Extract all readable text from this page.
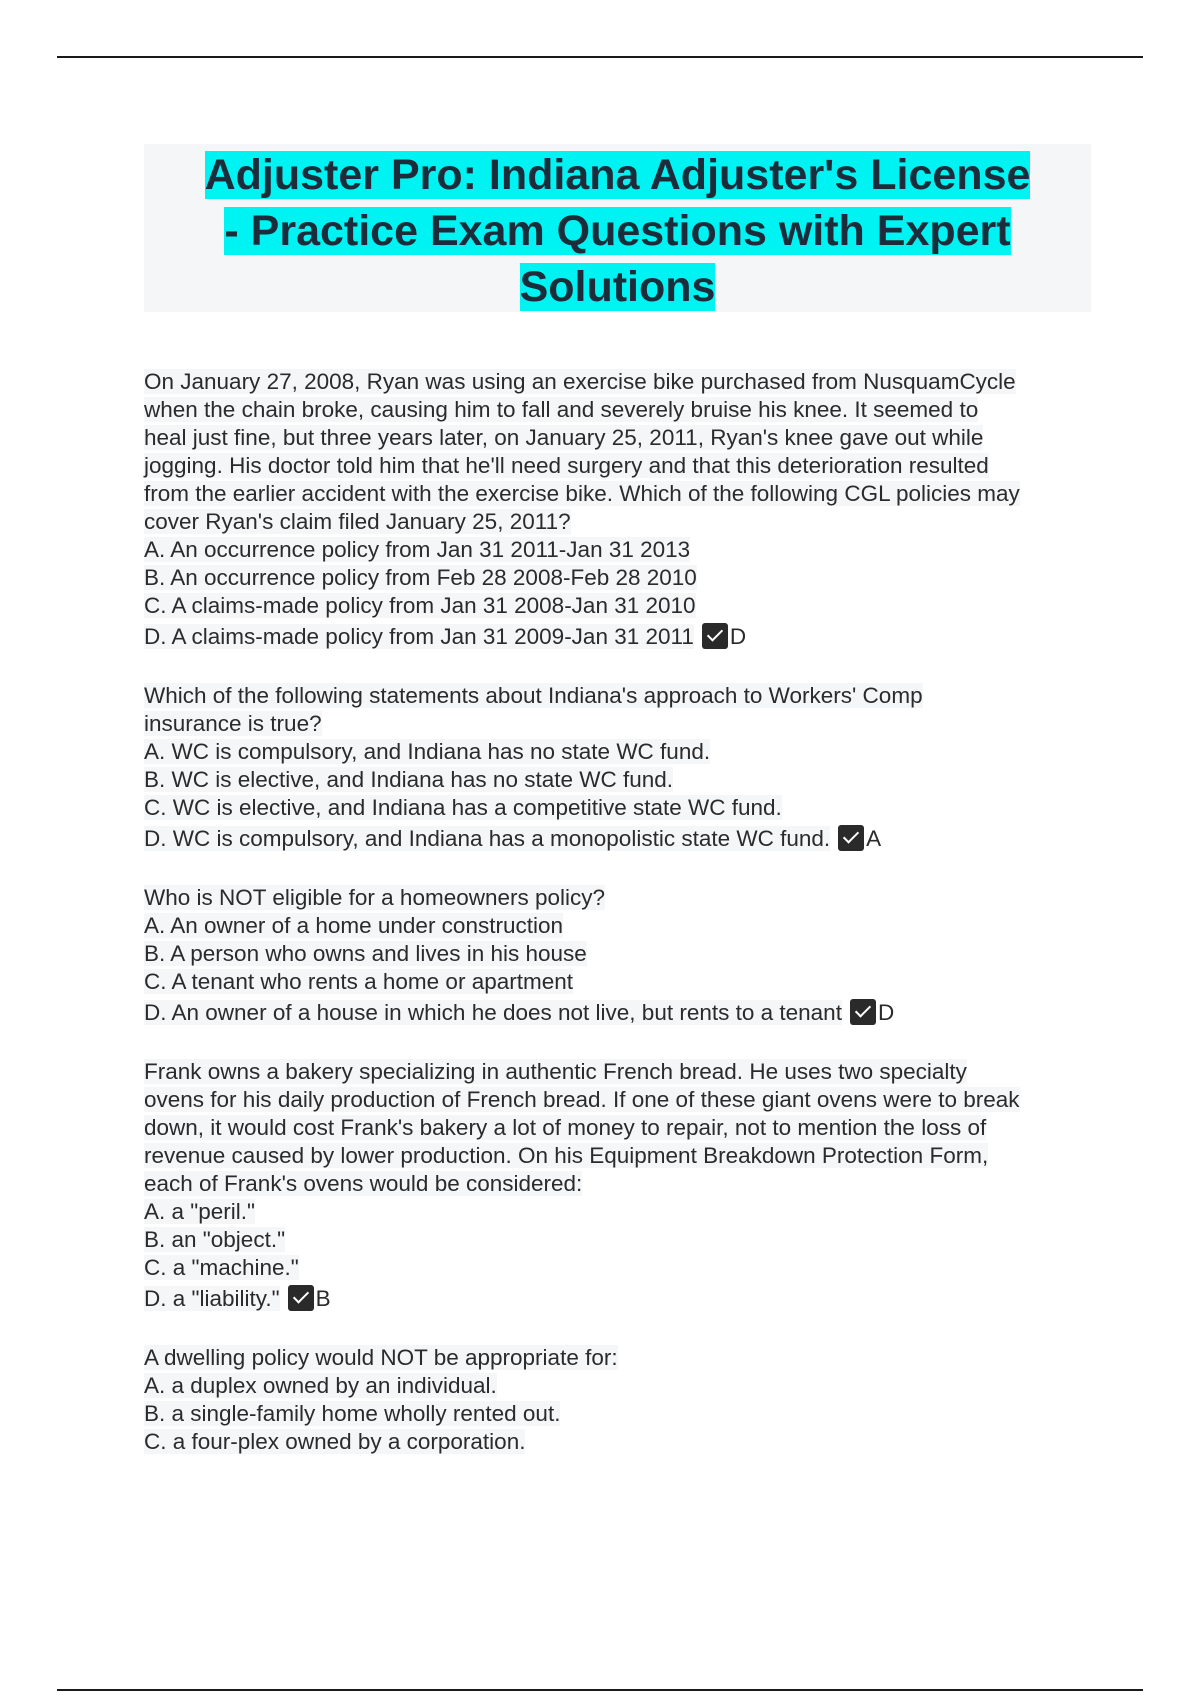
Adjuster Pro: Indiana Adjuster's License
- Practice Exam Questions with Expert
Solutions
On January 27, 2008, Ryan was using an exercise bike purchased from NusquamCycle
when the chain broke, causing him to fall and severely bruise his knee. It seemed to
heal just fine, but three years later, on January 25, 2011, Ryan's knee gave out while
jogging. His doctor told him that he'll need surgery and that this deterioration resulted
from the earlier accident with the exercise bike. Which of the following CGL policies may
cover Ryan's claim filed January 25, 2011?
A. An occurrence policy from Jan 31 2011-Jan 31 2013
B. An occurrence policy from Feb 28 2008-Feb 28 2010
C. A claims-made policy from Jan 31 2008-Jan 31 2010
D. A claims-made policy from Jan 31 2009-Jan 31 2011 D
Which of the following statements about Indiana's approach to Workers' Comp
insurance is true?
A. WC is compulsory, and Indiana has no state WC fund.
B. WC is elective, and Indiana has no state WC fund.
C. WC is elective, and Indiana has a competitive state WC fund.
D. WC is compulsory, and Indiana has a monopolistic state WC fund. A
Who is NOT eligible for a homeowners policy?
A. An owner of a home under construction
B. A person who owns and lives in his house
C. A tenant who rents a home or apartment
D. An owner of a house in which he does not live, but rents to a tenant D
Frank owns a bakery specializing in authentic French bread. He uses two specialty
ovens for his daily production of French bread. If one of these giant ovens were to break
down, it would cost Frank's bakery a lot of money to repair, not to mention the loss of
revenue caused by lower production. On his Equipment Breakdown Protection Form,
each of Frank's ovens would be considered:
A. a "peril."
B. an "object."
C. a "machine."
D. a "liability." B
A dwelling policy would NOT be appropriate for:
A. a duplex owned by an individual.
B. a single-family home wholly rented out.
C. a four-plex owned by a corporation.
